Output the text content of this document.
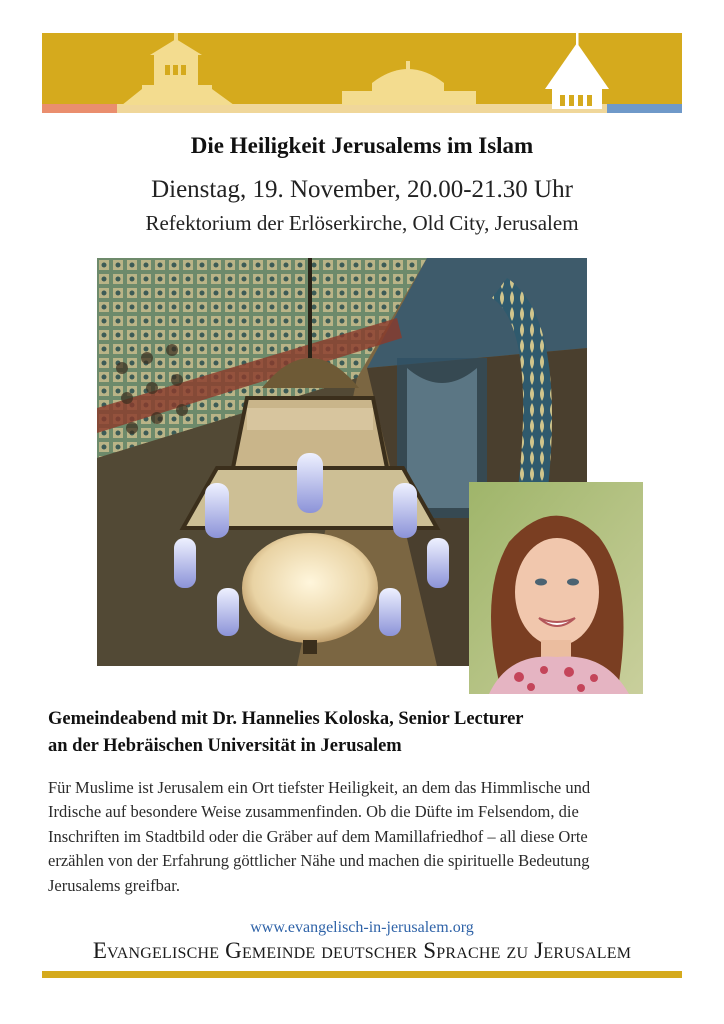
Die Heiligkeit Jerusalems im Islam

Dienstag, 19. November, 20.00-21.30 Uhr

Refektorium der Erlöserkirche, Old City, Jerusalem

Gemeindeabend mit Dr. Hannelies Koloska, Senior Lecturer
an der Hebräischen Universität in Jerusalem

Für Muslime ist Jerusalem ein Ort tiefster Heiligkeit, an dem das Himmlische und
Irdische auf besondere Weise zusammenfinden. Ob die Düfte im Felsendom, die
Inschriften im Stadtbild oder die Gräber auf dem Mamillafriedhof – all diese Orte
erzählen von der Erfahrung göttlicher Nähe und machen die spirituelle Bedeutung
Jerusalems greifbar.

www.evangelisch-in-jerusalem.org

Evangelische Gemeinde deutscher Sprache zu Jerusalem
